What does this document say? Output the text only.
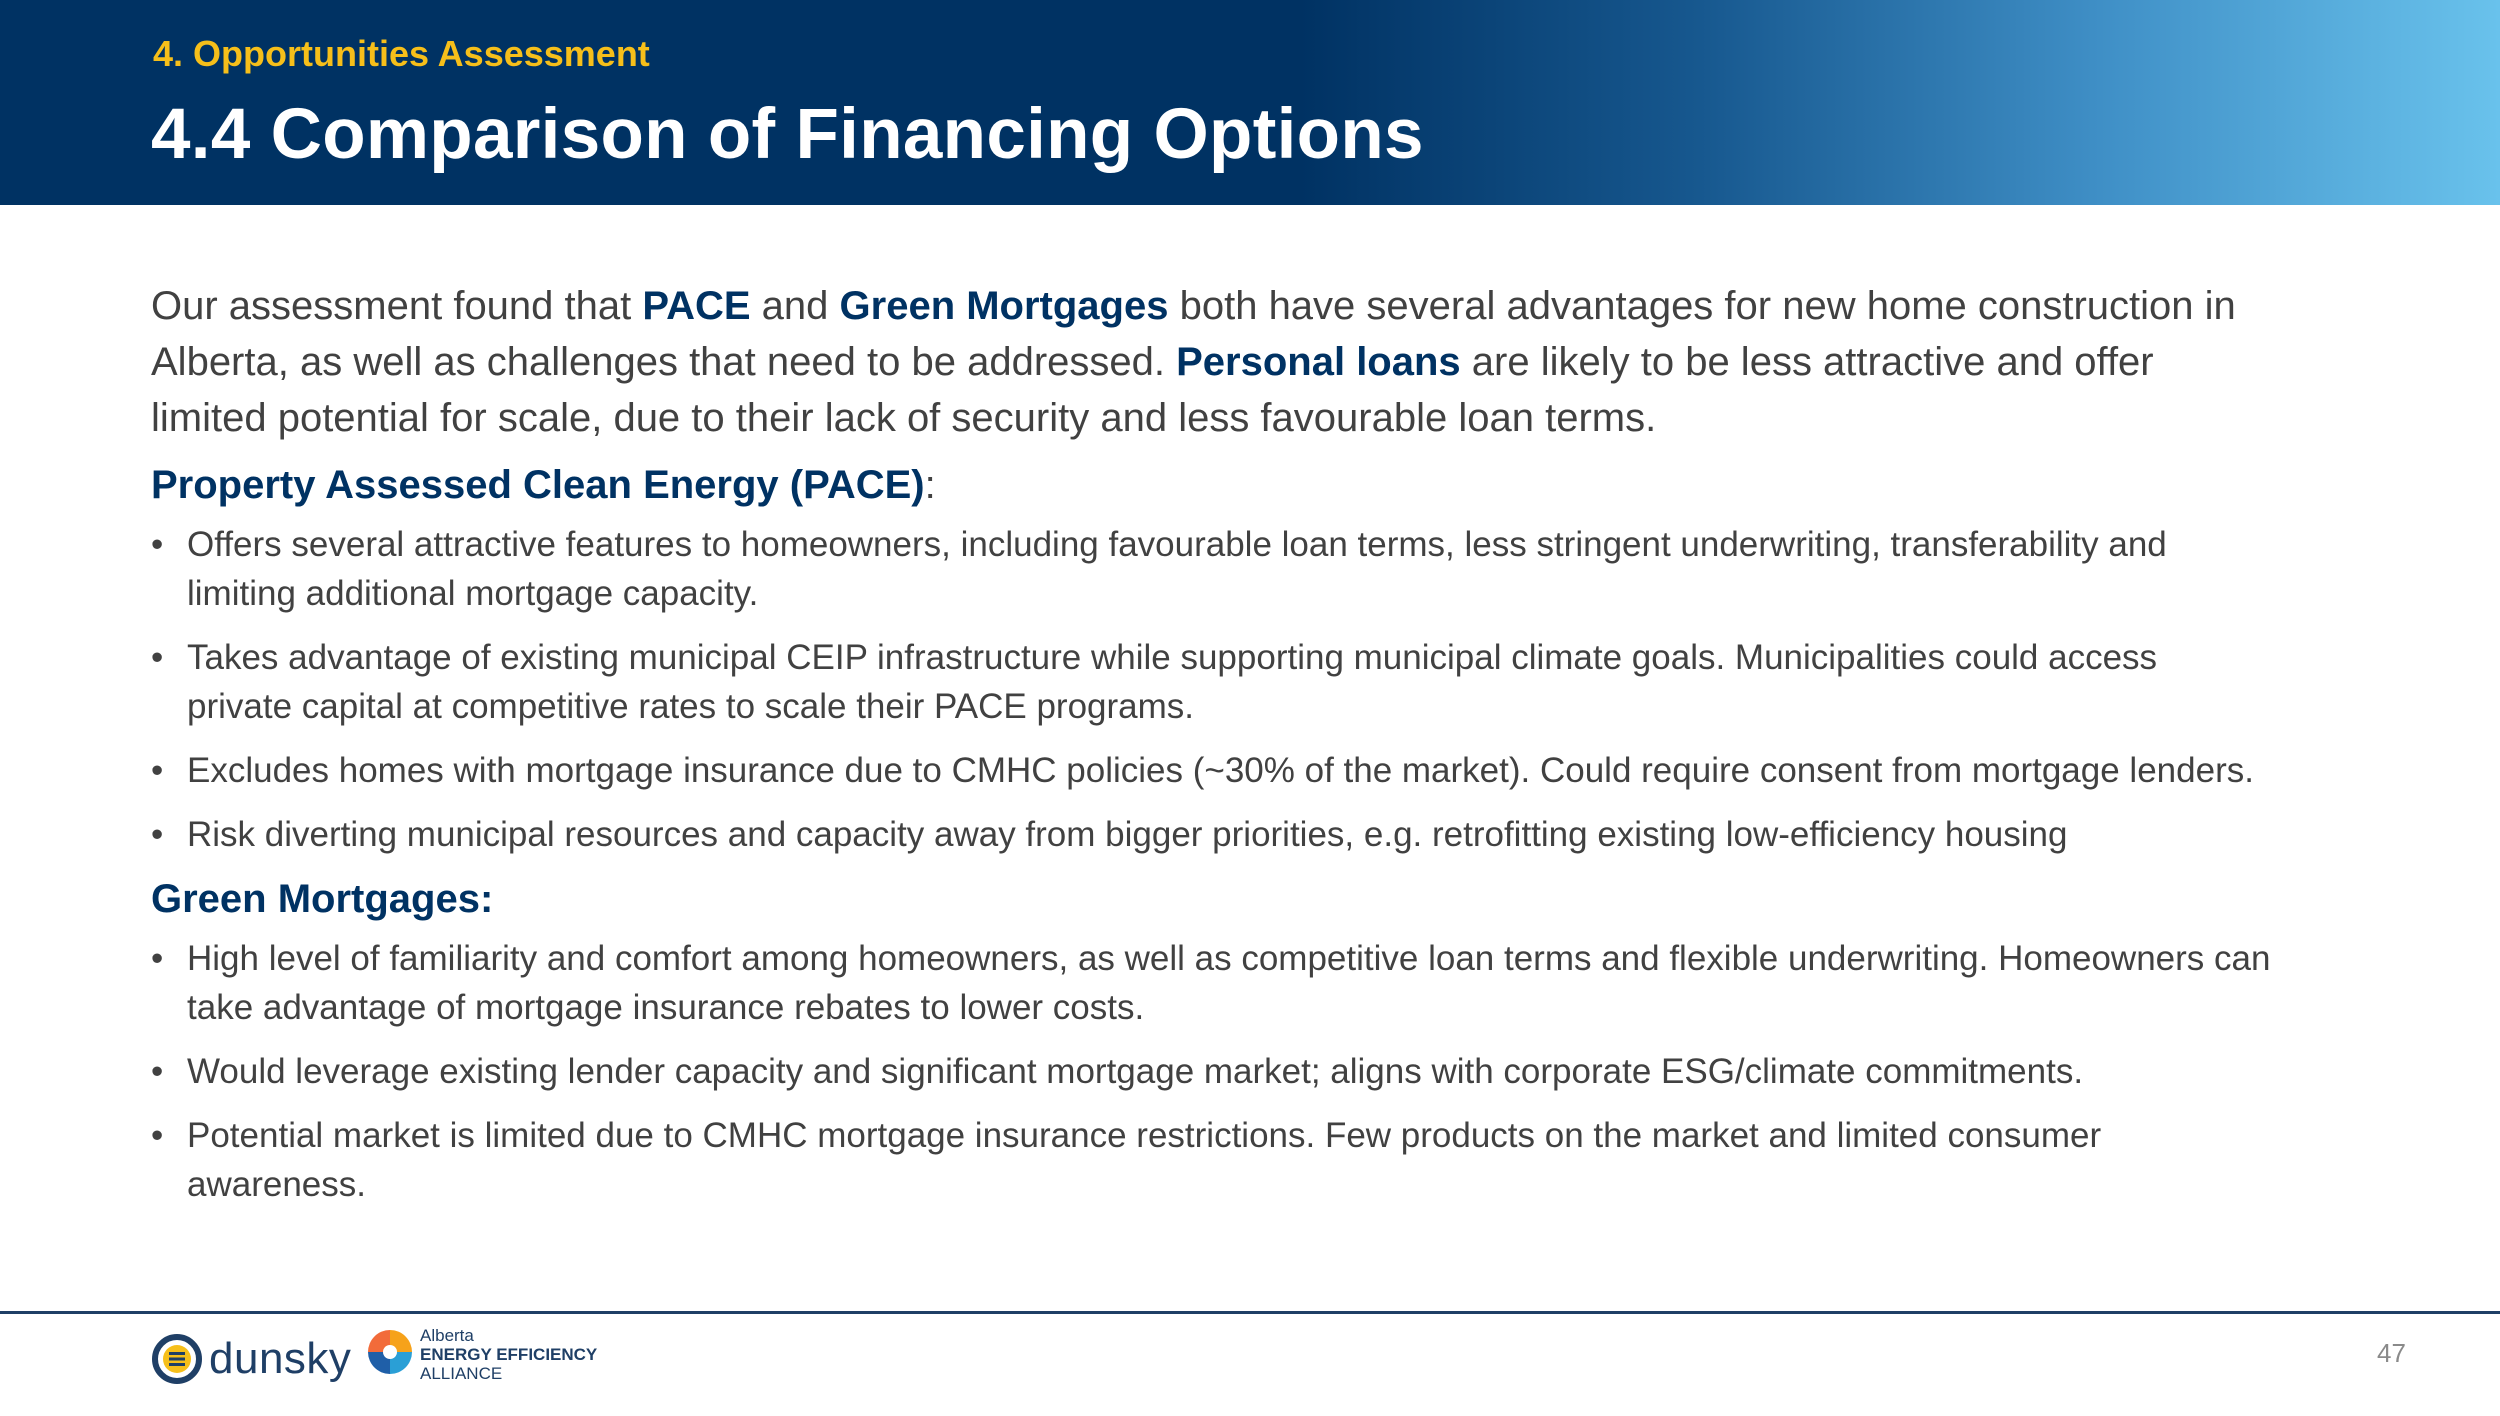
4. Opportunities Assessment
4.4 Comparison of Financing Options

Our assessment found that PACE and Green Mortgages both have several advantages for new home construction in Alberta, as well as challenges that need to be addressed. Personal loans are likely to be less attractive and offer limited potential for scale, due to their lack of security and less favourable loan terms.

Property Assessed Clean Energy (PACE):
• Offers several attractive features to homeowners, including favourable loan terms, less stringent underwriting, transferability and limiting additional mortgage capacity.
• Takes advantage of existing municipal CEIP infrastructure while supporting municipal climate goals. Municipalities could access private capital at competitive rates to scale their PACE programs.
• Excludes homes with mortgage insurance due to CMHC policies (~30% of the market). Could require consent from mortgage lenders.
• Risk diverting municipal resources and capacity away from bigger priorities, e.g. retrofitting existing low-efficiency housing
Green Mortgages:
• High level of familiarity and comfort among homeowners, as well as competitive loan terms and flexible underwriting. Homeowners can take advantage of mortgage insurance rebates to lower costs.
• Would leverage existing lender capacity and significant mortgage market; aligns with corporate ESG/climate commitments.
• Potential market is limited due to CMHC mortgage insurance restrictions. Few products on the market and limited consumer awareness.
dunsky	Alberta
ENERGY EFFICIENCY
ALLIANCE
47
